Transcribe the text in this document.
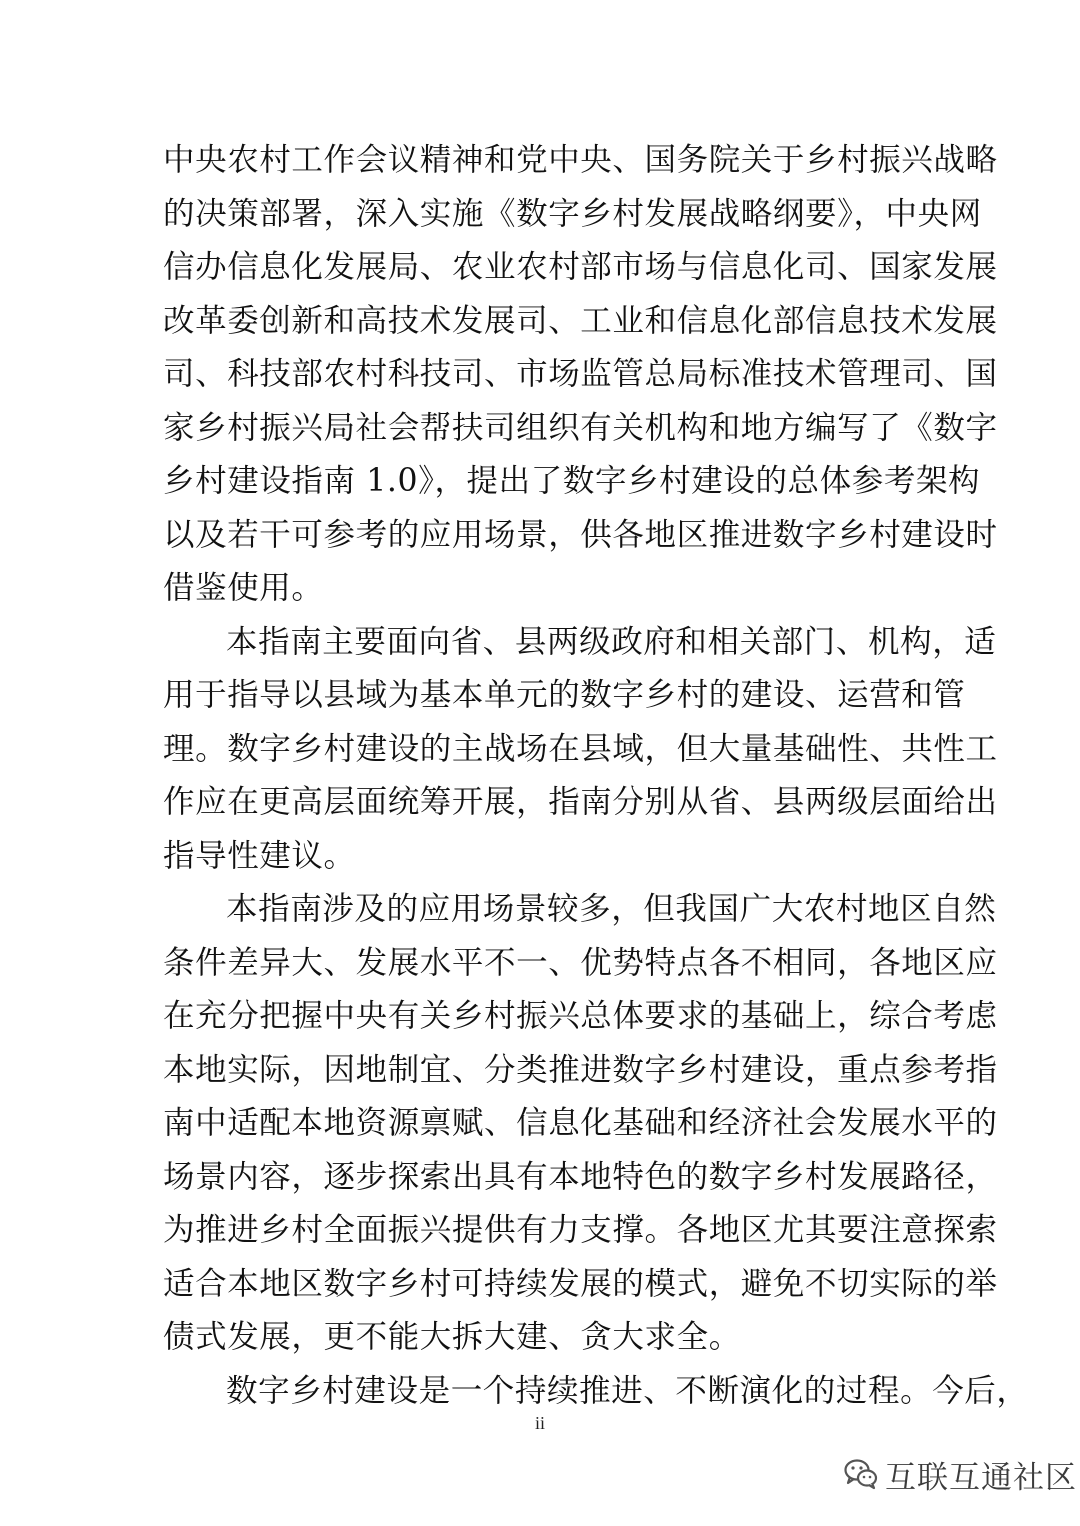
中央农村工作会议精神和党中央、国务院关于乡村振兴战略
的决策部署，深入实施《数字乡村发展战略纲要》，中央网
信办信息化发展局、农业农村部市场与信息化司、国家发展
改革委创新和高技术发展司、工业和信息化部信息技术发展
司、科技部农村科技司、市场监管总局标准技术管理司、国
家乡村振兴局社会帮扶司组织有关机构和地方编写了《数字
乡村建设指南 1.0》，提出了数字乡村建设的总体参考架构
以及若干可参考的应用场景，供各地区推进数字乡村建设时
借鉴使用。
本指南主要面向省、县两级政府和相关部门、机构，适
用于指导以县域为基本单元的数字乡村的建设、运营和管
理。数字乡村建设的主战场在县域，但大量基础性、共性工
作应在更高层面统筹开展，指南分别从省、县两级层面给出
指导性建议。
本指南涉及的应用场景较多，但我国广大农村地区自然
条件差异大、发展水平不一、优势特点各不相同，各地区应
在充分把握中央有关乡村振兴总体要求的基础上，综合考虑
本地实际，因地制宜、分类推进数字乡村建设，重点参考指
南中适配本地资源禀赋、信息化基础和经济社会发展水平的
场景内容，逐步探索出具有本地特色的数字乡村发展路径，
为推进乡村全面振兴提供有力支撑。各地区尤其要注意探索
适合本地区数字乡村可持续发展的模式，避免不切实际的举
债式发展，更不能大拆大建、贪大求全。
数字乡村建设是一个持续推进、不断演化的过程。今后，
ii
互联互通社区
